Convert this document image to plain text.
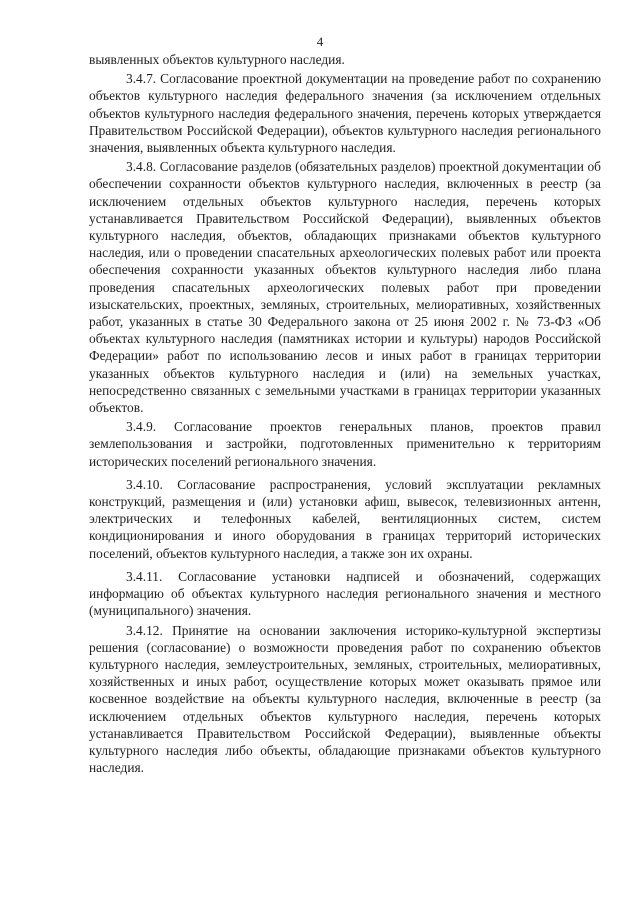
4

выявленных объектов культурного наследия.

3.4.7. Согласование проектной документации на проведение работ по сохранению объектов культурного наследия федерального значения (за исключением отдельных объектов культурного наследия федерального значения, перечень которых утверждается Правительством Российской Федерации), объектов культурного наследия регионального значения, выявленных объекта культурного наследия.

3.4.8. Согласование разделов (обязательных разделов) проектной документации об обеспечении сохранности объектов культурного наследия, включенных в реестр (за исключением отдельных объектов культурного наследия, перечень которых устанавливается Правительством Российской Федерации), выявленных объектов культурного наследия, объектов, обладающих признаками объектов культурного наследия, или о проведении спасательных археологических полевых работ или проекта обеспечения сохранности указанных объектов культурного наследия либо плана проведения спасательных археологических полевых работ при проведении изыскательских, проектных, земляных, строительных, мелиоративных, хозяйственных работ, указанных в статье 30 Федерального закона от 25 июня 2002 г. № 73-ФЗ «Об объектах культурного наследия (памятниках истории и культуры) народов Российской Федерации» работ по использованию лесов и иных работ в границах территории указанных объектов культурного наследия и (или) на земельных участках, непосредственно связанных с земельными участками в границах территории указанных объектов.

3.4.9. Согласование проектов генеральных планов, проектов правил землепользования и застройки, подготовленных применительно к территориям исторических поселений регионального значения.

3.4.10. Согласование распространения, условий эксплуатации рекламных конструкций, размещения и (или) установки афиш, вывесок, телевизионных антенн, электрических и телефонных кабелей, вентиляционных систем, систем кондиционирования и иного оборудования в границах территорий исторических поселений, объектов культурного наследия, а также зон их охраны.

3.4.11. Согласование установки надписей и обозначений, содержащих информацию об объектах культурного наследия регионального значения и местного (муниципального) значения.

3.4.12. Принятие на основании заключения историко-культурной экспертизы решения (согласование) о возможности проведения работ по сохранению объектов культурного наследия, землеустроительных, земляных, строительных, мелиоративных, хозяйственных и иных работ, осуществление которых может оказывать прямое или косвенное воздействие на объекты культурного наследия, включенные в реестр (за исключением отдельных объектов культурного наследия, перечень которых устанавливается Правительством Российской Федерации), выявленные объекты культурного наследия либо объекты, обладающие признаками объектов культурного наследия.
